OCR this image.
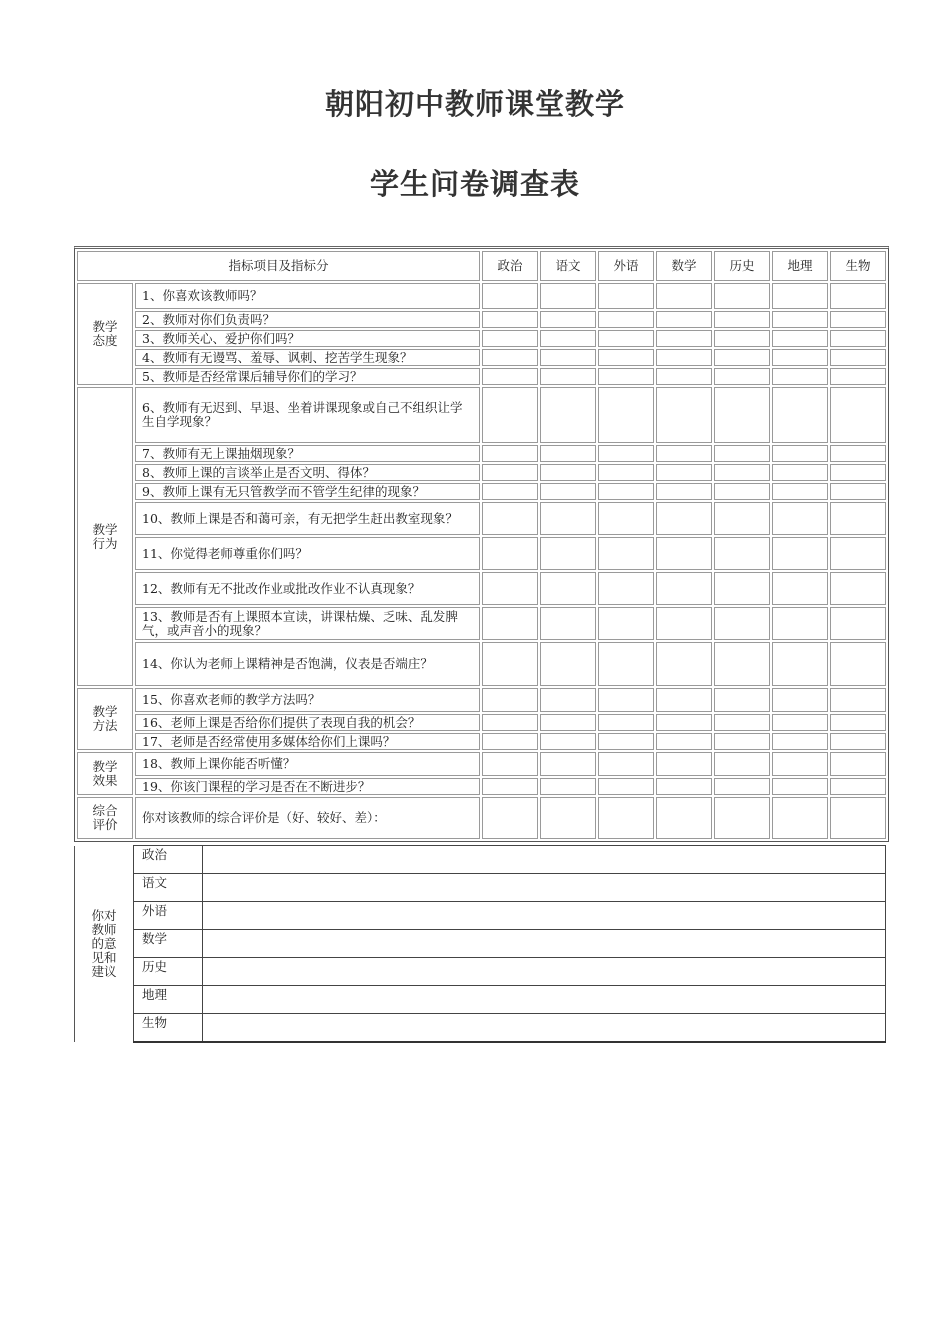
朝阳初中教师课堂教学
学生问卷调查表
指标项目及指标分		政治	语文	外语	数学	历史	地理	生物
教学态度	1、你喜欢该教师吗？							
	2、教师对你们负责吗？							
	3、教师关心、爱护你们吗？							
	4、教师有无谩骂、羞辱、讽刺、挖苦学生现象？							
	5、教师是否经常课后辅导你们的学习？							
教学行为	6、教师有无迟到、早退、坐着讲课现象或自己不组织让学生自学现象？							
	7、教师有无上课抽烟现象？							
	8、教师上课的言谈举止是否文明、得体？							
	9、教师上课有无只管教学而不管学生纪律的现象？							
	10、教师上课是否和蔼可亲，有无把学生赶出教室现象？							
	11、你觉得老师尊重你们吗？							
	12、教师有无不批改作业或批改作业不认真现象？							
	13、教师是否有上课照本宣读，讲课枯燥、乏味、乱发脾气，或声音小的现象？							
	14、你认为老师上课精神是否饱满，仪表是否端庄？							
教学方法	15、你喜欢老师的教学方法吗？							
	16、老师上课是否给你们提供了表现自我的机会？							
	17、老师是否经常使用多媒体给你们上课吗？							
教学效果	18、教师上课你能否听懂？							
	19、你该门课程的学习是否在不断进步？							
综合评价	你对该教师的综合评价是（好、较好、差）：							
你对教师的意见和建议	政治	
	语文	
	外语	
	数学	
	历史	
	地理	
	生物	
